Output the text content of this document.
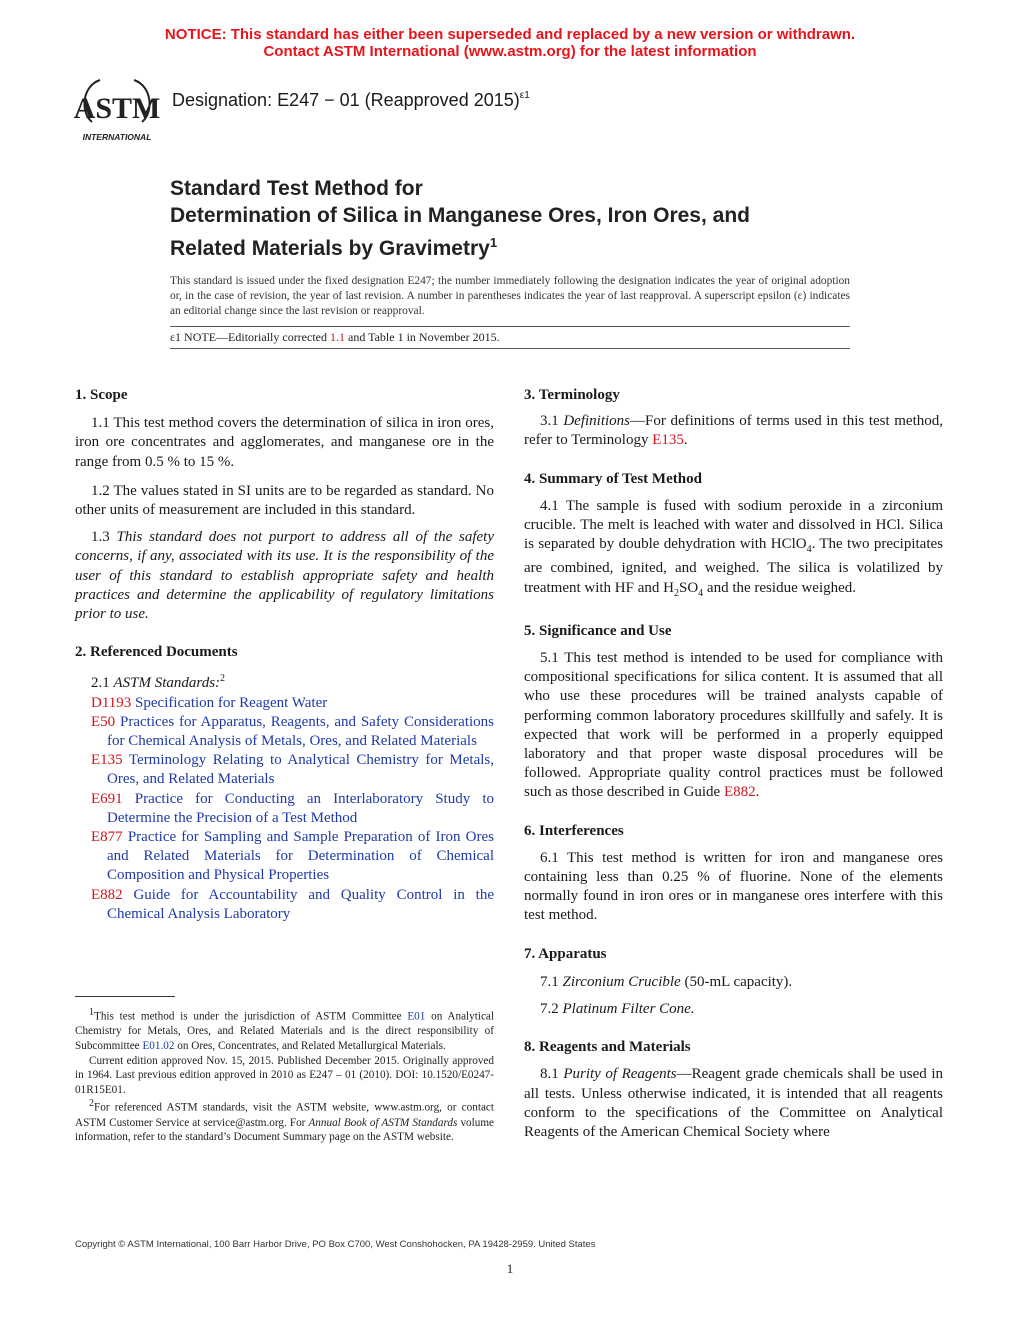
NOTICE: This standard has either been superseded and replaced by a new version or withdrawn.
Contact ASTM International (www.astm.org) for the latest information
ASTM
INTERNATIONAL
Designation: E247 − 01 (Reapproved 2015)$^{\varepsilon 1}$
Standard Test Method for
Determination of Silica in Manganese Ores, Iron Ores, and
Related Materials by Gravimetry$^1$
This standard is issued under the fixed designation E247; the number immediately following the designation indicates the year of original adoption or, in the case of revision, the year of last revision. A number in parentheses indicates the year of last reapproval. A superscript epsilon (ε) indicates an editorial change since the last revision or reapproval.
ε1 NOTE—Editorially corrected 1.1 and Table 1 in November 2015.
1. Scope

1.1 This test method covers the determination of silica in iron ores, iron ore concentrates and agglomerates, and manganese ore in the range from 0.5 % to 15 %.

1.2 The values stated in SI units are to be regarded as standard. No other units of measurement are included in this standard.

1.3 This standard does not purport to address all of the safety concerns, if any, associated with its use. It is the responsibility of the user of this standard to establish appropriate safety and health practices and determine the applicability of regulatory limitations prior to use.

2. Referenced Documents

2.1 ASTM Standards:$^2$

D1193 Specification for Reagent Water

E50 Practices for Apparatus, Reagents, and Safety Considerations for Chemical Analysis of Metals, Ores, and Related Materials

E135 Terminology Relating to Analytical Chemistry for Metals, Ores, and Related Materials

E691 Practice for Conducting an Interlaboratory Study to Determine the Precision of a Test Method

E877 Practice for Sampling and Sample Preparation of Iron Ores and Related Materials for Determination of Chemical Composition and Physical Properties

E882 Guide for Accountability and Quality Control in the Chemical Analysis Laboratory

$^1$This test method is under the jurisdiction of ASTM Committee E01 on Analytical Chemistry for Metals, Ores, and Related Materials and is the direct responsibility of Subcommittee E01.02 on Ores, Concentrates, and Related Metallurgical Materials.

Current edition approved Nov. 15, 2015. Published December 2015. Originally approved in 1964. Last previous edition approved in 2010 as E247 – 01 (2010). DOI: 10.1520/E0247-01R15E01.

$^2$For referenced ASTM standards, visit the ASTM website, www.astm.org, or contact ASTM Customer Service at service@astm.org. For Annual Book of ASTM Standards volume information, refer to the standard’s Document Summary page on the ASTM website.

3. Terminology

3.1 Definitions—For definitions of terms used in this test method, refer to Terminology E135.

4. Summary of Test Method

4.1 The sample is fused with sodium peroxide in a zirconium crucible. The melt is leached with water and dissolved in HCl. Silica is separated by double dehydration with HClO$_4$. The two precipitates are combined, ignited, and weighed. The silica is volatilized by treatment with HF and $H_2SO_4$ and the residue weighed.

5. Significance and Use

5.1 This test method is intended to be used for compliance with compositional specifications for silica content. It is assumed that all who use these procedures will be trained analysts capable of performing common laboratory procedures skillfully and safely. It is expected that work will be performed in a properly equipped laboratory and that proper waste disposal procedures will be followed. Appropriate quality control practices must be followed such as those described in Guide E882.

6. Interferences

6.1 This test method is written for iron and manganese ores containing less than 0.25 % of fluorine. None of the elements normally found in iron ores or in manganese ores interfere with this test method.

7. Apparatus

7.1 Zirconium Crucible (50-mL capacity).

7.2 Platinum Filter Cone.

8. Reagents and Materials

8.1 Purity of Reagents—Reagent grade chemicals shall be used in all tests. Unless otherwise indicated, it is intended that all reagents conform to the specifications of the Committee on Analytical Reagents of the American Chemical Society where

Copyright © ASTM International, 100 Barr Harbor Drive, PO Box C700, West Conshohocken, PA 19428-2959. United States
1
